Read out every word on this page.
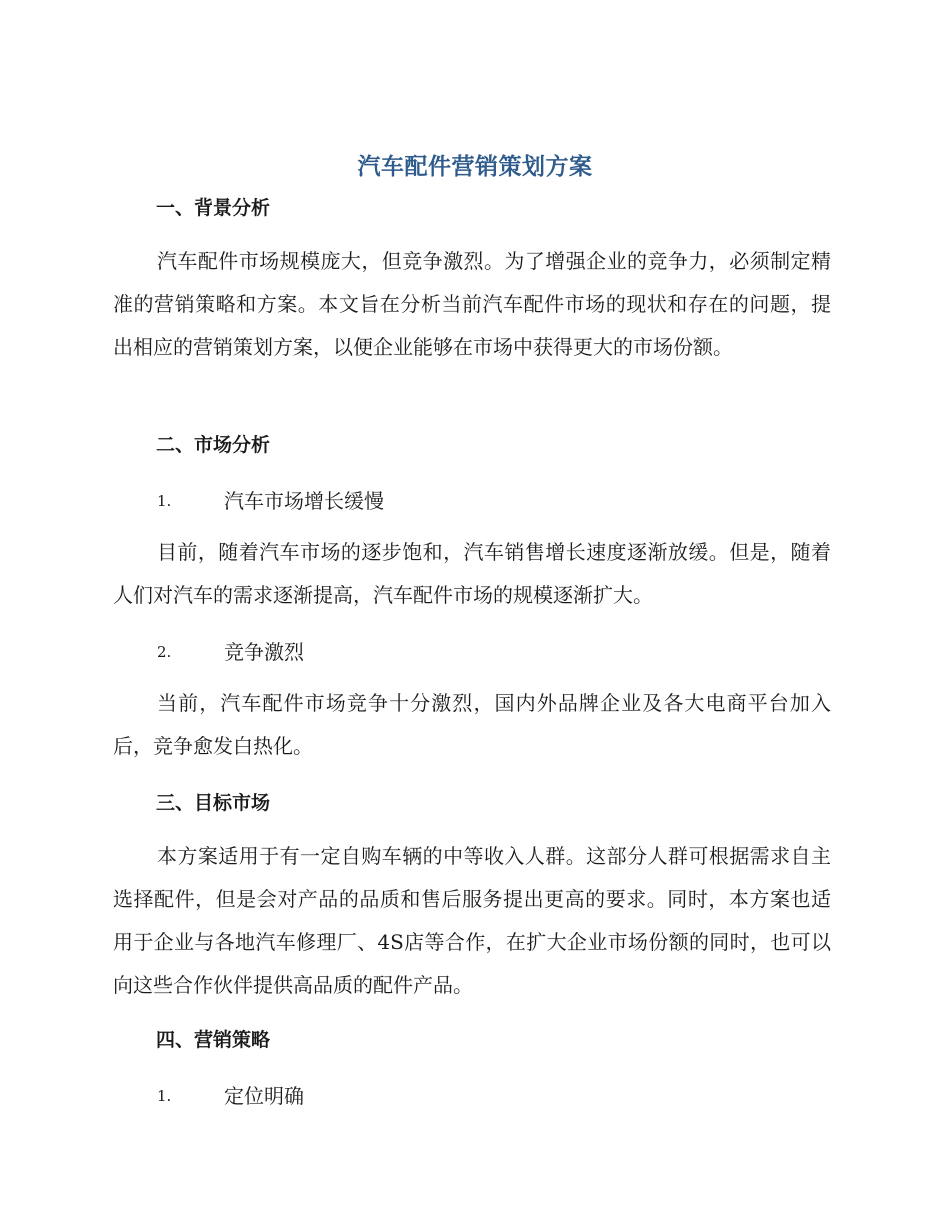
汽车配件营销策划方案
一、背景分析

汽车配件市场规模庞大，但竞争激烈。为了增强企业的竞争力，必须制定精准的营销策略和方案。本文旨在分析当前汽车配件市场的现状和存在的问题，提出相应的营销策划方案，以便企业能够在市场中获得更大的市场份额。

二、市场分析
1.	汽车市场增长缓慢

目前，随着汽车市场的逐步饱和，汽车销售增长速度逐渐放缓。但是，随着人们对汽车的需求逐渐提高，汽车配件市场的规模逐渐扩大。

2.	竞争激烈

当前，汽车配件市场竞争十分激烈，国内外品牌企业及各大电商平台加入后，竞争愈发白热化。

三、目标市场

本方案适用于有一定自购车辆的中等收入人群。这部分人群可根据需求自主选择配件，但是会对产品的品质和售后服务提出更高的要求。同时，本方案也适用于企业与各地汽车修理厂、4S店等合作，在扩大企业市场份额的同时，也可以向这些合作伙伴提供高品质的配件产品。

四、营销策略
1.	定位明确
